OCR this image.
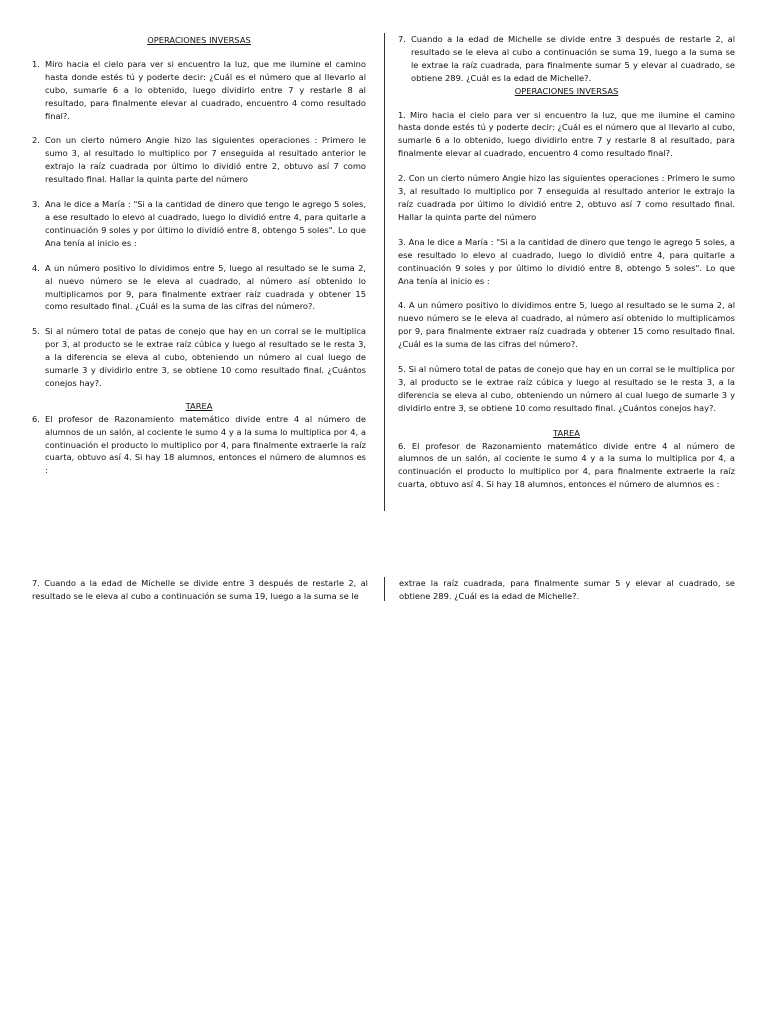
OPERACIONES INVERSAS

1. Miro hacia el cielo para ver si encuentro la luz, que me ilumine el camino hasta donde estés tú y poderte decir: ¿Cuál es el número que al llevarlo al cubo, sumarle 6 a lo obtenido, luego dividirlo entre 7 y restarle 8 al resultado, para finalmente elevar al cuadrado, encuentro 4 como resultado final?.
2. Con un cierto número Angie hizo las siguientes operaciones : Primero le sumo 3, al resultado lo multiplico por 7 enseguida al resultado anterior le extrajo la raíz cuadrada por último lo dividió entre 2, obtuvo así 7 como resultado final. Hallar la quinta parte del número
3. Ana le dice a María : "Si a la cantidad de dinero que tengo le agrego 5 soles, a ese resultado lo elevo al cuadrado, luego lo dividió entre 4, para quitarle a continuación 9 soles y por último lo dividió entre 8, obtengo 5 soles". Lo que Ana tenía al inicio es :
4. A un número positivo lo dividimos entre 5, luego al resultado se le suma 2, al nuevo número se le eleva al cuadrado, al número así obtenido lo multiplicamos por 9, para finalmente extraer raíz cuadrada y obtener 15 como resultado final. ¿Cuál es la suma de las cifras del número?.
5. Si al número total de patas de conejo que hay en un corral se le multiplica por 3, al producto se le extrae raíz cúbica y luego al resultado se le resta 3, a la diferencia se eleva al cubo, obteniendo un número al cual luego de sumarle 3 y dividirlo entre 3, se obtiene 10 como resultado final. ¿Cuántos conejos hay?.

TAREA

6. El profesor de Razonamiento matemático divide entre 4 al número de alumnos de un salón, al cociente le sumo 4 y a la suma lo multiplica por 4, a continuación el producto lo multiplico por 4, para finalmente extraerle la raíz cuarta, obtuvo así 4. Si hay 18 alumnos, entonces el número de alumnos es :
7. Cuando a la edad de Michelle se divide entre 3 después de restarle 2, al resultado se le eleva al cubo a continuación se suma 19, luego a la suma se le extrae la raíz cuadrada, para finalmente sumar 5 y elevar al cuadrado, se obtiene 289. ¿Cuál es la edad de Michelle?.

OPERACIONES INVERSAS

1. Miro hacia el cielo para ver si encuentro la luz, que me ilumine el camino hasta donde estés tú y poderte decir: ¿Cuál es el número que al llevarlo al cubo, sumarle 6 a lo obtenido, luego dividirlo entre 7 y restarle 8 al resultado, para finalmente elevar al cuadrado, encuentro 4 como resultado final?.

2. Con un cierto número Angie hizo las siguientes operaciones : Primero le sumo 3, al resultado lo multiplico por 7 enseguida al resultado anterior le extrajo la raíz cuadrada por último lo dividió entre 2, obtuvo así 7 como resultado final. Hallar la quinta parte del número

3. Ana le dice a María : "Si a la cantidad de dinero que tengo le agrego 5 soles, a ese resultado lo elevo al cuadrado, luego lo dividió entre 4, para quitarle a continuación 9 soles y por último lo dividió entre 8, obtengo 5 soles". Lo que Ana tenía al inicio es :

4. A un número positivo lo dividimos entre 5, luego al resultado se le suma 2, al nuevo número se le eleva al cuadrado, al número así obtenido lo multiplicamos por 9, para finalmente extraer raíz cuadrada y obtener 15 como resultado final. ¿Cuál es la suma de las cifras del número?.

5. Si al número total de patas de conejo que hay en un corral se le multiplica por 3, al producto se le extrae raíz cúbica y luego al resultado se le resta 3, a la diferencia se eleva al cubo, obteniendo un número al cual luego de sumarle 3 y dividirlo entre 3, se obtiene 10 como resultado final. ¿Cuántos conejos hay?.

TAREA

6. El profesor de Razonamiento matemático divide entre 4 al número de alumnos de un salón, al cociente le sumo 4 y a la suma lo multiplica por 4, a continuación el producto lo multiplico por 4, para finalmente extraerle la raíz cuarta, obtuvo así 4. Si hay 18 alumnos, entonces el número de alumnos es :

7. Cuando a la edad de Michelle se divide entre 3 después de restarle 2, al resultado se le eleva al cubo a continuación se suma 19, luego a la suma se le
extrae la raíz cuadrada, para finalmente sumar 5 y elevar al cuadrado, se obtiene 289. ¿Cuál es la edad de Michelle?.
